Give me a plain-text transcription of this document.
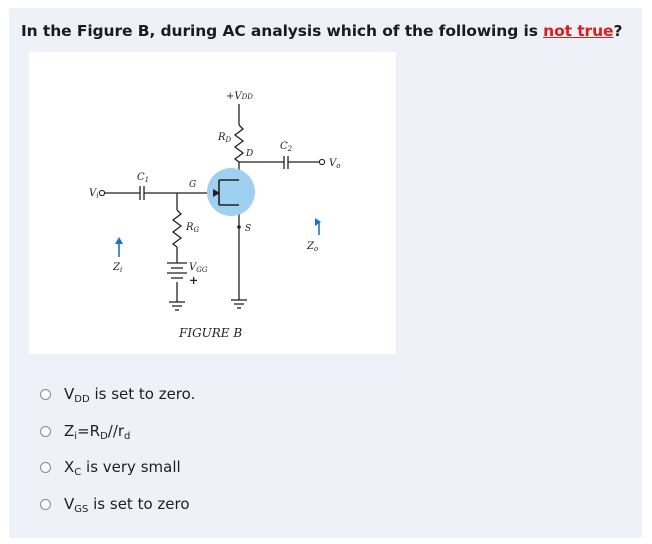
In the Figure B, during AC analysis which of the following is not true?
+VDD
$R_D$
D
$C_2$
$V_o$
$C_1$	G
$V_i$
$R_G$	S
$Z_o$
$Z_i$	$V_{GG}$
+
FIGURE B
$V_{DD}$ is set to zero.
$Z_i=R_D//r_d$
$X_C$ is very small
$V_{GS}$ is set to zero
